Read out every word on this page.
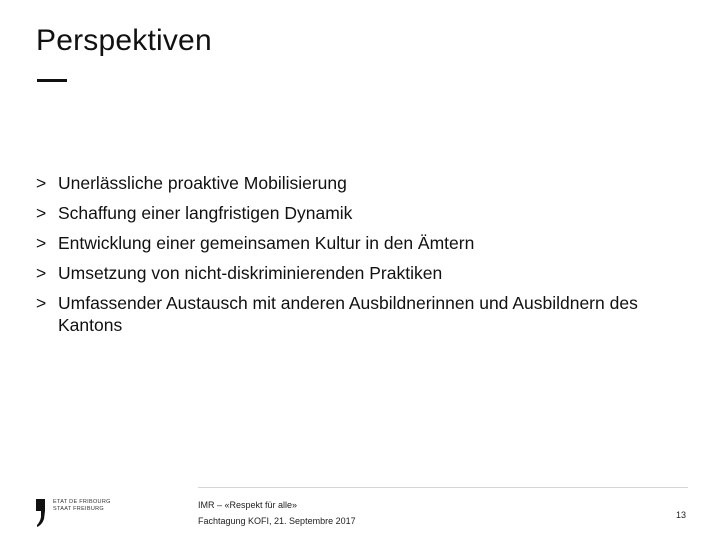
Perspektiven
> Unerlässliche proaktive Mobilisierung
> Schaffung einer langfristigen Dynamik
> Entwicklung einer gemeinsamen Kultur in den Ämtern
> Umsetzung von nicht-diskriminierenden Praktiken
> Umfassender Austausch mit anderen Ausbildnerinnen und Ausbildnern des Kantons
ETAT DE FRIBOURG
STAAT FREIBURG	IMR – «Respekt für alle»
Fachtagung KOFI, 21. Septembre 2017
13
